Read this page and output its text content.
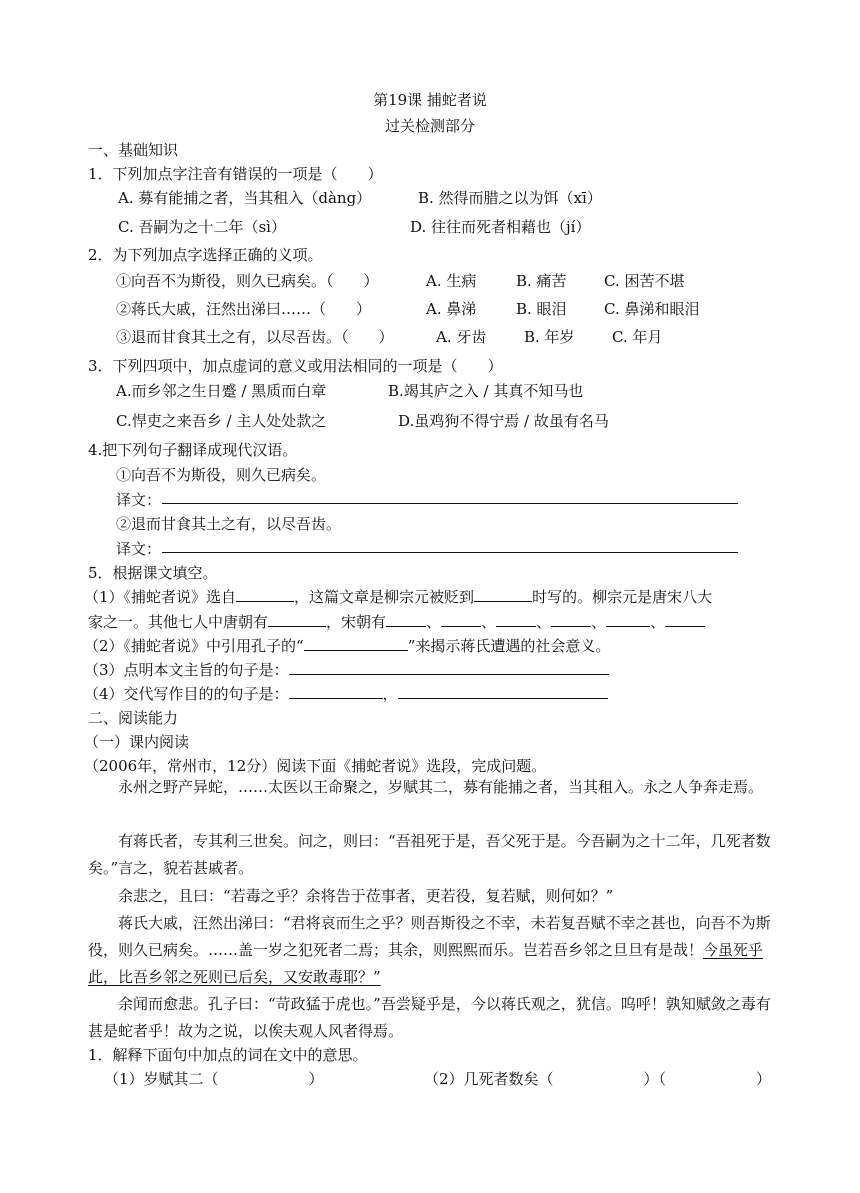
第19课 捕蛇者说
过关检测部分
一、基础知识
1．下列加点字注音有错误的一项是（　　）
A. 募有能捕之者，当其租入（dàng）	B. 然得而腊之以为饵（xī）
C. 吾嗣为之十二年（sì）	D. 往往而死者相藉也（jí）
2．为下列加点字选择正确的义项。
①向吾不为斯役，则久已病矣。（　　）	A. 生病	B. 痛苦 C. 困苦不堪
②蒋氏大戚，汪然出涕曰……（　　）	A. 鼻涕	B. 眼泪 C. 鼻涕和眼泪
③退而甘食其土之有，以尽吾齿。（　　）	A. 牙齿	B. 年岁 C. 年月
3．下列四项中，加点虚词的意义或用法相同的一项是（　　）
A.而乡邻之生日蹙 / 黑质而白章	B.竭其庐之入 / 其真不知马也
C.悍吏之来吾乡 / 主人处处款之	D.虽鸡狗不得宁焉 / 故虽有名马
4.把下列句子翻译成现代汉语。
①向吾不为斯役，则久已病矣。
译文：
②退而甘食其土之有，以尽吾齿。
译文：
5．根据课文填空。
（1）《捕蛇者说》选自	，这篇文章是柳宗元被贬到	时写的。柳宗元是唐宋八大
家之一。其他七人中唐朝有	，宋朝有	、	、	、	、	、
（2）《捕蛇者说》中引用孔子的“	”来揭示蒋氏遭遇的社会意义。
（3）点明本文主旨的句子是：
（4）交代写作目的的句子是：	，
二、阅读能力
（一）课内阅读
（2006年，常州市，12分）阅读下面《捕蛇者说》选段，完成问题。
永州之野产异蛇，……太医以王命聚之，岁赋其二，募有能捕之者，当其租入。永之人争奔走焉。
有蒋氏者，专其利三世矣。问之，则曰：“吾祖死于是，吾父死于是。今吾嗣为之十二年，几死者数矣。”言之，貌若甚戚者。
余悲之，且曰：“若毒之乎？余将告于莅事者，更若役，复若赋，则何如？”
蒋氏大戚，汪然出涕曰：“君将哀而生之乎？则吾斯役之不幸，未若复吾赋不幸之甚也，向吾不为斯役，则久已病矣。……盖一岁之犯死者二焉；其余，则熙熙而乐。岂若吾乡邻之旦旦有是哉！今虽死乎此，比吾乡邻之死则已后矣，又安敢毒耶？”
余闻而愈悲。孔子曰：“苛政猛于虎也。”吾尝疑乎是，今以蒋氏观之，犹信。呜呼！孰知赋敛之毒有甚是蛇者乎！故为之说，以俟夫观人风者得焉。
1．解释下面句中加点的词在文中的意思。
（1）岁赋其二（　　　　　　）	（2）几死者数矣（　　　　　　）（　　　　　　）
